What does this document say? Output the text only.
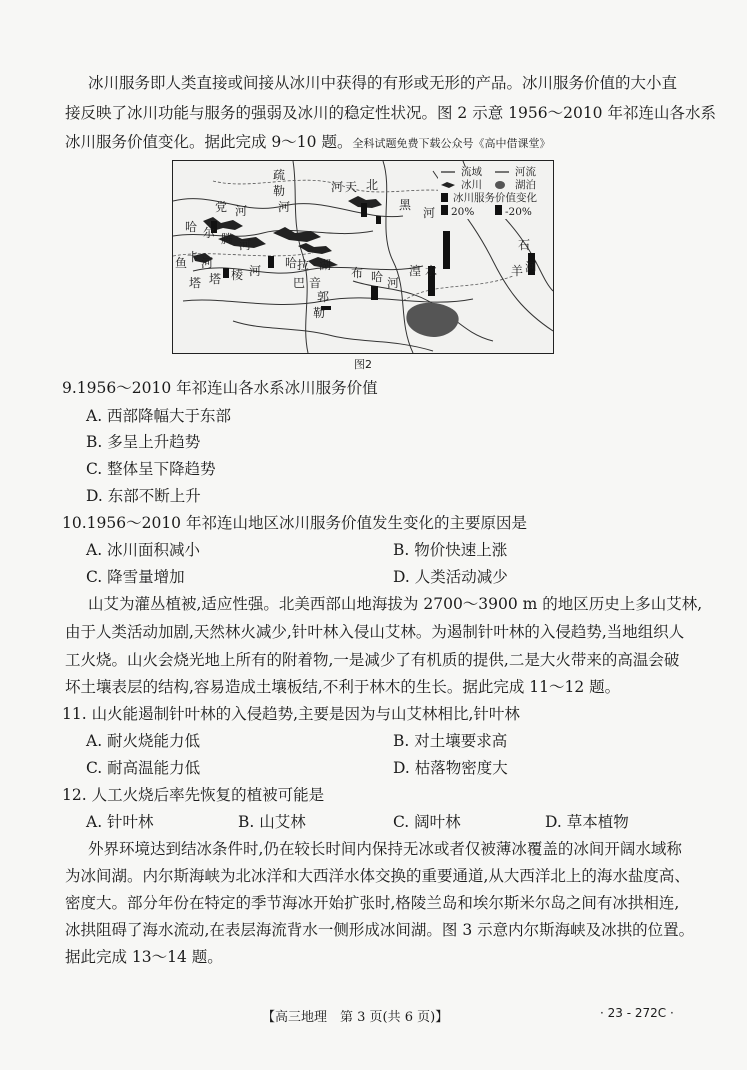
冰川服务即人类直接或间接从冰川中获得的有形或无形的产品。冰川服务价值的大小直
接反映了冰川功能与服务的强弱及冰川的稳定性状况。图 2 示意 1956～2010 年祁连山各水系
冰川服务价值变化。据此完成 9～10 题。全科试题免费下载公众号《高中借课堂》
流域	河流
冰川	湖泊
冰川服务价值变化
20%	-20%
疏
勒
河
河 天 北
黑
河
党 河
哈 尔 腾 河
鱼 卡 河
塔 塔 棱 河
哈 拉 湖
巴 音
郭
勒
布 哈 河
湟 水
石
羊 河
图2
9.1956～2010 年祁连山各水系冰川服务价值
A. 西部降幅大于东部
B. 多呈上升趋势
C. 整体呈下降趋势
D. 东部不断上升
10.1956～2010 年祁连山地区冰川服务价值发生变化的主要原因是
A. 冰川面积减小	B. 物价快速上涨
C. 降雪量增加	D. 人类活动减少
山艾为灌丛植被,适应性强。北美西部山地海拔为 2700～3900 m 的地区历史上多山艾林,
由于人类活动加剧,天然林火减少,针叶林入侵山艾林。为遏制针叶林的入侵趋势,当地组织人
工火烧。山火会烧光地上所有的附着物,一是减少了有机质的提供,二是大火带来的高温会破
坏土壤表层的结构,容易造成土壤板结,不利于林木的生长。据此完成 11～12 题。
11. 山火能遏制针叶林的入侵趋势,主要是因为与山艾林相比,针叶林
A. 耐火烧能力低	B. 对土壤要求高
C. 耐高温能力低	D. 枯落物密度大
12. 人工火烧后率先恢复的植被可能是
A. 针叶林	B. 山艾林	C. 阔叶林	D. 草本植物
外界环境达到结冰条件时,仍在较长时间内保持无冰或者仅被薄冰覆盖的冰间开阔水域称
为冰间湖。内尔斯海峡为北冰洋和大西洋水体交换的重要通道,从大西洋北上的海水盐度高、
密度大。部分年份在特定的季节海冰开始扩张时,格陵兰岛和埃尔斯米尔岛之间有冰拱相连,
冰拱阻碍了海水流动,在表层海流背水一侧形成冰间湖。图 3 示意内尔斯海峡及冰拱的位置。
据此完成 13～14 题。
【高三地理　第 3 页(共 6 页)】	· 23 - 272C ·
